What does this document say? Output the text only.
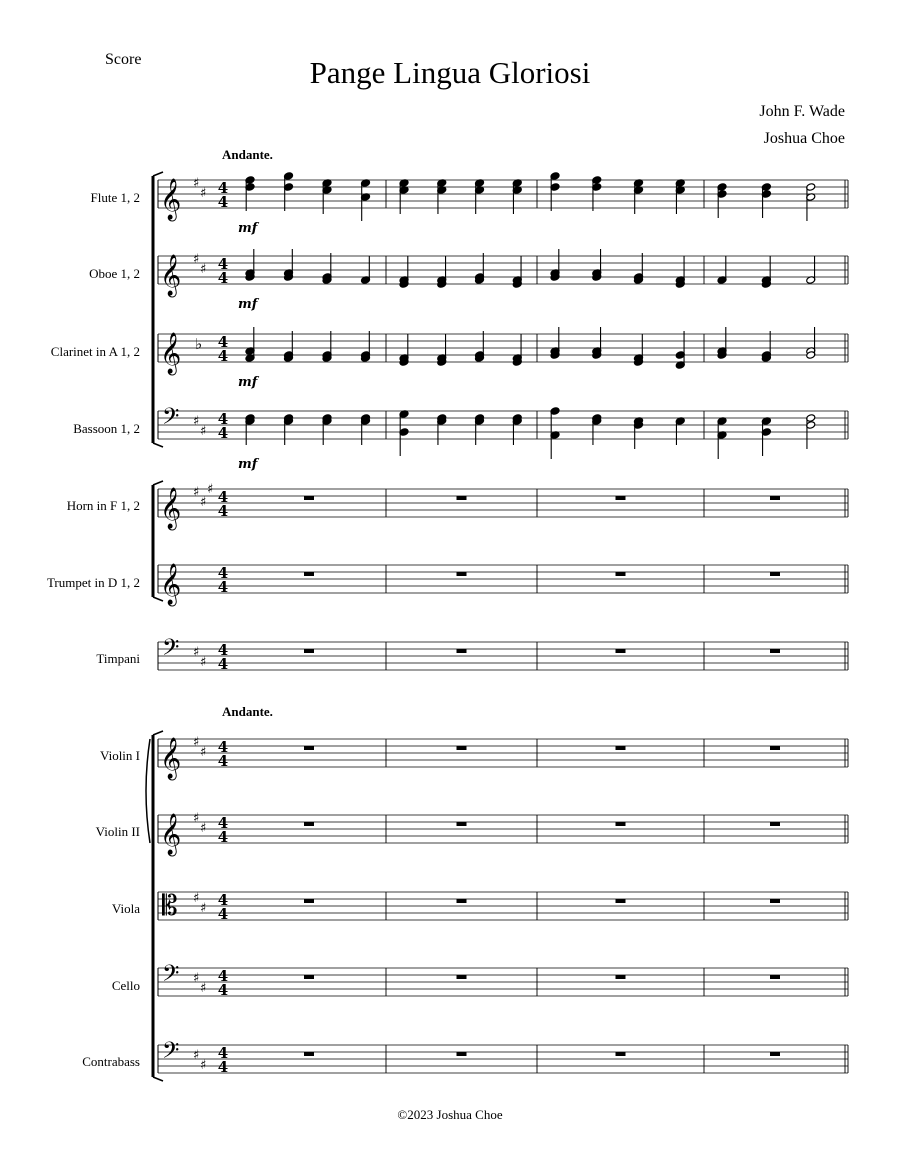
Score	Pange Lingua Gloriosi
John F. Wade
Joshua Choe
Andante.
Andante.
Flute 1, 2
Oboe 1, 2
Clarinet in A 1, 2
Bassoon 1, 2
Horn in F 1, 2
Trumpet in D 1, 2
Timpani
Violin I
Violin II
Viola
Cello
Contrabass
𝄞 ♯
♯ 4
4
mf
𝄞 ♯
♯ 4
4
mf
𝄞 ♭ 4
4
mf
𝄢 ♯
♯
4
4
mf
𝄞 ♯
♯
♯ 4
4
𝄞 4
4
𝄢 ♯
♯
4
4
𝄞 ♯
♯ 4
4
𝄞 ♯
♯ 4
4
𝄡 ♯
♯ 4
4
𝄢 ♯
♯
4
4
𝄢 ♯
♯
4
4
©2023 Joshua Choe
